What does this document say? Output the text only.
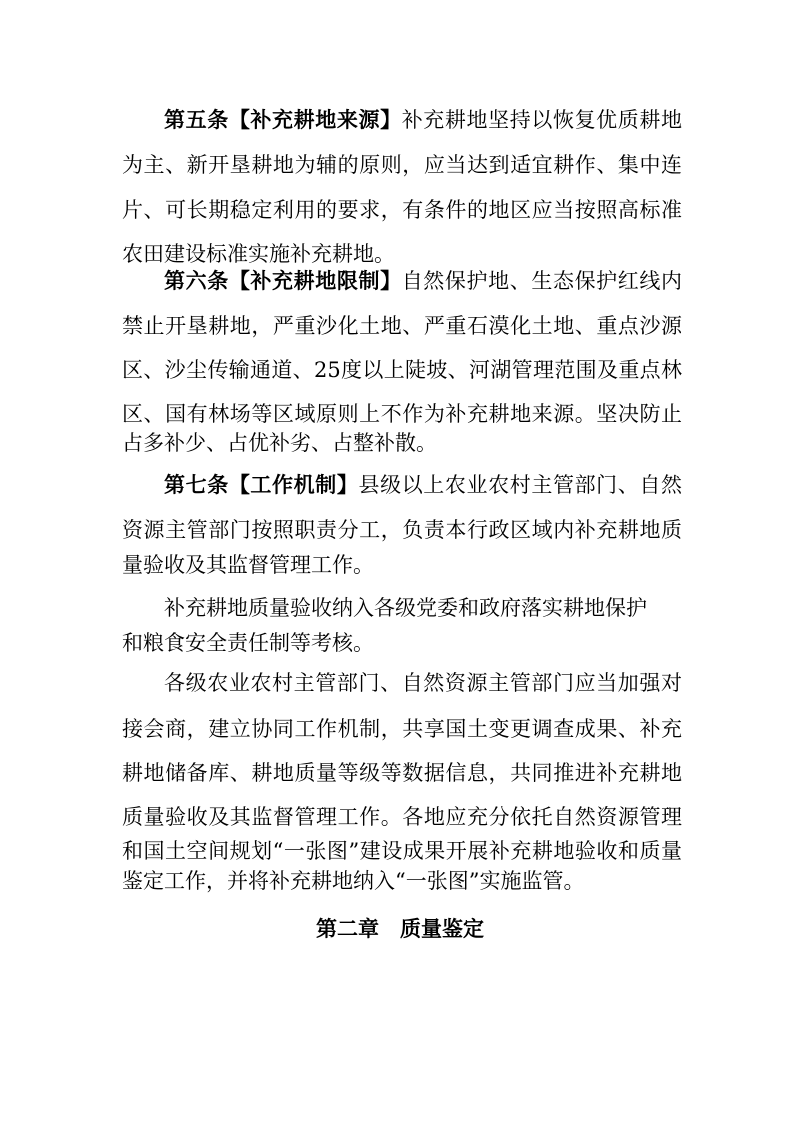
第五条【补充耕地来源】补充耕地坚持以恢复优质耕地
为主、新开垦耕地为辅的原则，应当达到适宜耕作、集中连
片、可长期稳定利用的要求，有条件的地区应当按照高标准
农田建设标准实施补充耕地。
第六条【补充耕地限制】自然保护地、生态保护红线内
禁止开垦耕地，严重沙化土地、严重石漠化土地、重点沙源
区、沙尘传输通道、25度以上陡坡、河湖管理范围及重点林
区、国有林场等区域原则上不作为补充耕地来源。坚决防止
占多补少、占优补劣、占整补散。
第七条【工作机制】县级以上农业农村主管部门、自然
资源主管部门按照职责分工，负责本行政区域内补充耕地质
量验收及其监督管理工作。
补充耕地质量验收纳入各级党委和政府落实耕地保护
和粮食安全责任制等考核。
各级农业农村主管部门、自然资源主管部门应当加强对
接会商，建立协同工作机制，共享国土变更调查成果、补充
耕地储备库、耕地质量等级等数据信息，共同推进补充耕地
质量验收及其监督管理工作。各地应充分依托自然资源管理
和国土空间规划“一张图”建设成果开展补充耕地验收和质量
鉴定工作，并将补充耕地纳入“一张图”实施监管。
第二章　质量鉴定
